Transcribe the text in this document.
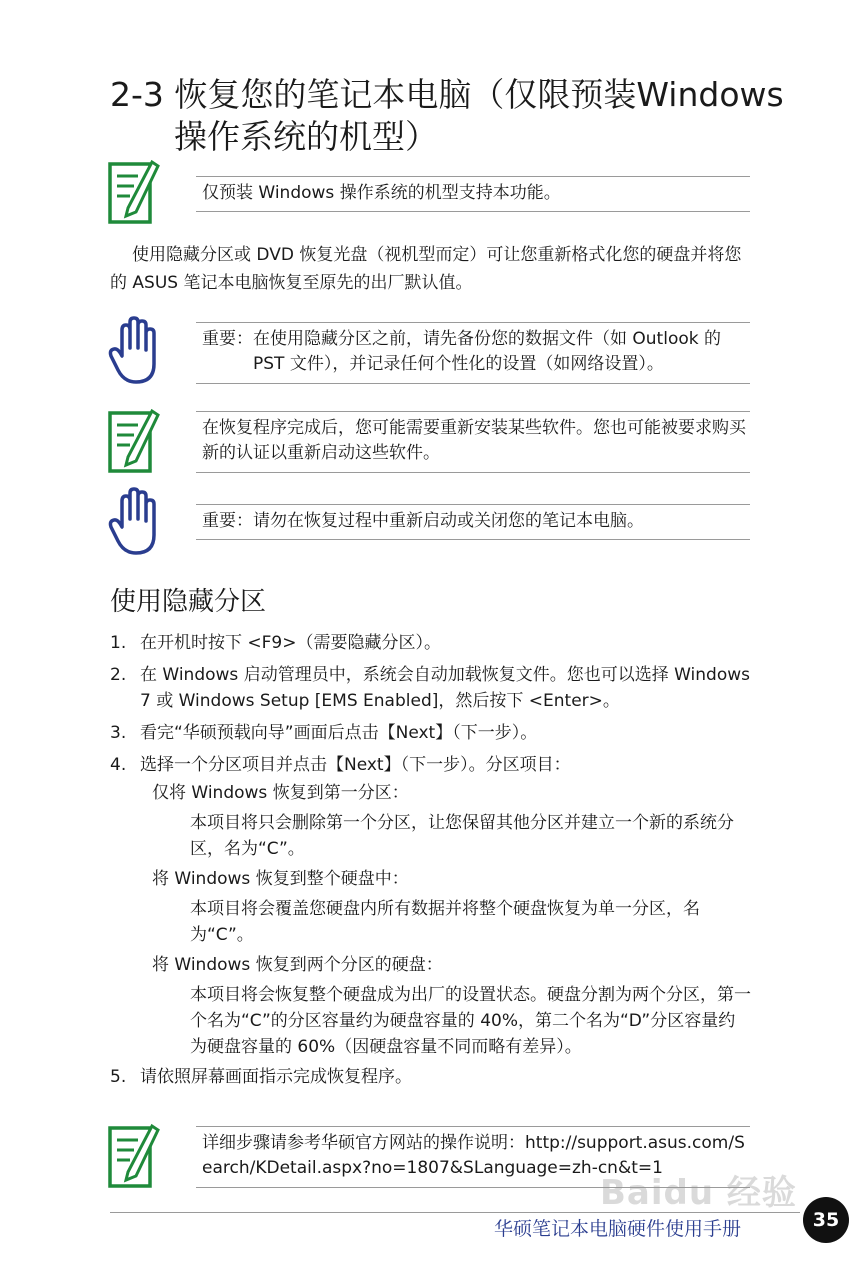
2-3 恢复您的笔记本电脑（仅限预装Windows
操作系统的机型）
仅预装 Windows 操作系统的机型支持本功能。
使用隐藏分区或 DVD 恢复光盘（视机型而定）可让您重新格式化您的硬盘并将您的 ASUS 笔记本电脑恢复至原先的出厂默认值。
重要： 在使用隐藏分区之前，请先备份您的数据文件（如 Outlook 的
PST 文件），并记录任何个性化的设置（如网络设置）。
在恢复程序完成后，您可能需要重新安装某些软件。您也可能被要求购买新的认证以重新启动这些软件。
重要：请勿在恢复过程中重新启动或关闭您的笔记本电脑。
使用隐藏分区
1. 在开机时按下 <F9>（需要隐藏分区）。
2. 在 Windows 启动管理员中，系统会自动加载恢复文件。您也可以选择 Windows 7 或 Windows Setup [EMS Enabled]，然后按下 <Enter>。
3. 看完“华硕预载向导”画面后点击【Next】（下一步）。
4. 选择一个分区项目并点击【Next】（下一步）。分区项目：
仅将 Windows 恢复到第一分区：
本项目将只会删除第一个分区，让您保留其他分区并建立一个新的系统分区，名为“C”。
将 Windows 恢复到整个硬盘中：
本项目将会覆盖您硬盘内所有数据并将整个硬盘恢复为单一分区，名为“C”。
将 Windows 恢复到两个分区的硬盘：
本项目将会恢复整个硬盘成为出厂的设置状态。硬盘分割为两个分区，第一个名为“C”的分区容量约为硬盘容量的 40%，第二个名为“D”分区容量约为硬盘容量的 60%（因硬盘容量不同而略有差异）。
5. 请依照屏幕画面指示完成恢复程序。
详细步骤请参考华硕官方网站的操作说明：http://support.asus.com/Search/KDetail.aspx?no=1807&SLanguage=zh-cn&t=1
Baidu 经验
华硕笔记本电脑硬件使用手册	35
